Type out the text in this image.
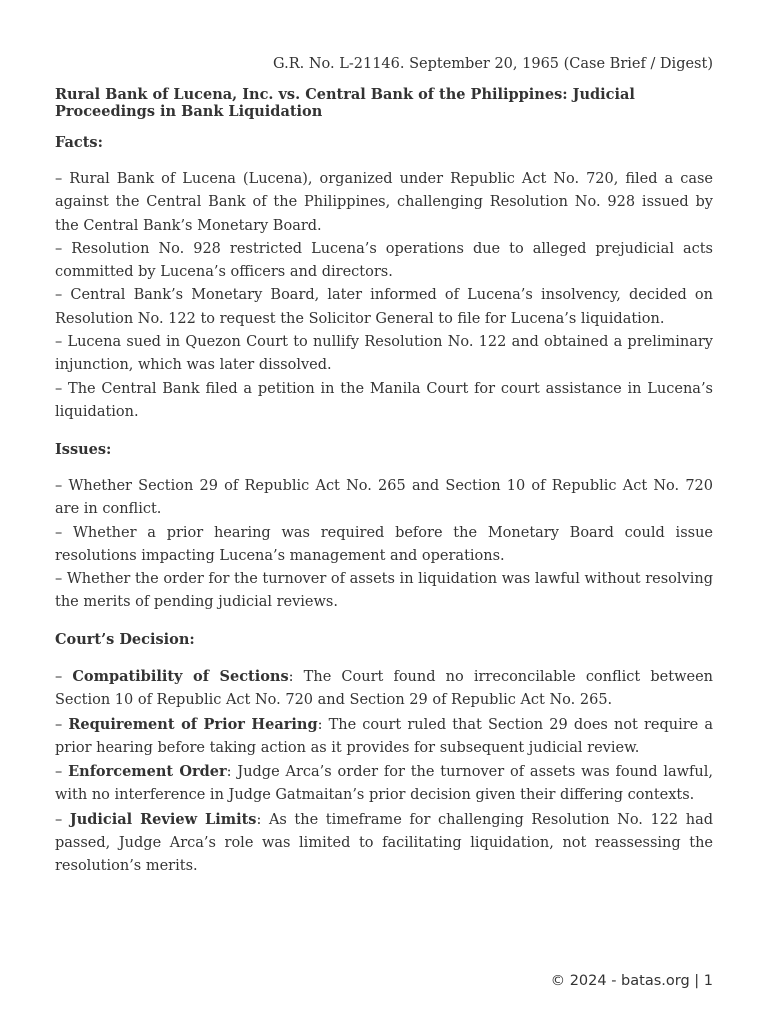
G.R. No. L-21146. September 20, 1965 (Case Brief / Digest)
Rural Bank of Lucena, Inc. vs. Central Bank of the Philippines: Judicial Proceedings in Bank Liquidation
Facts:

– Rural Bank of Lucena (Lucena), organized under Republic Act No. 720, filed a case against the Central Bank of the Philippines, challenging Resolution No. 928 issued by the Central Bank’s Monetary Board.

– Resolution No. 928 restricted Lucena’s operations due to alleged prejudicial acts committed by Lucena’s officers and directors.

– Central Bank’s Monetary Board, later informed of Lucena’s insolvency, decided on Resolution No. 122 to request the Solicitor General to file for Lucena’s liquidation.

– Lucena sued in Quezon Court to nullify Resolution No. 122 and obtained a preliminary injunction, which was later dissolved.

– The Central Bank filed a petition in the Manila Court for court assistance in Lucena’s liquidation.

Issues:

– Whether Section 29 of Republic Act No. 265 and Section 10 of Republic Act No. 720 are in conflict.

– Whether a prior hearing was required before the Monetary Board could issue resolutions impacting Lucena’s management and operations.

– Whether the order for the turnover of assets in liquidation was lawful without resolving the merits of pending judicial reviews.

Court’s Decision:

– Compatibility of Sections: The Court found no irreconcilable conflict between Section 10 of Republic Act No. 720 and Section 29 of Republic Act No. 265.

– Requirement of Prior Hearing: The court ruled that Section 29 does not require a prior hearing before taking action as it provides for subsequent judicial review.

– Enforcement Order: Judge Arca’s order for the turnover of assets was found lawful, with no interference in Judge Gatmaitan’s prior decision given their differing contexts.

– Judicial Review Limits: As the timeframe for challenging Resolution No. 122 had passed, Judge Arca’s role was limited to facilitating liquidation, not reassessing the resolution’s merits.

© 2024 - batas.org | 1
